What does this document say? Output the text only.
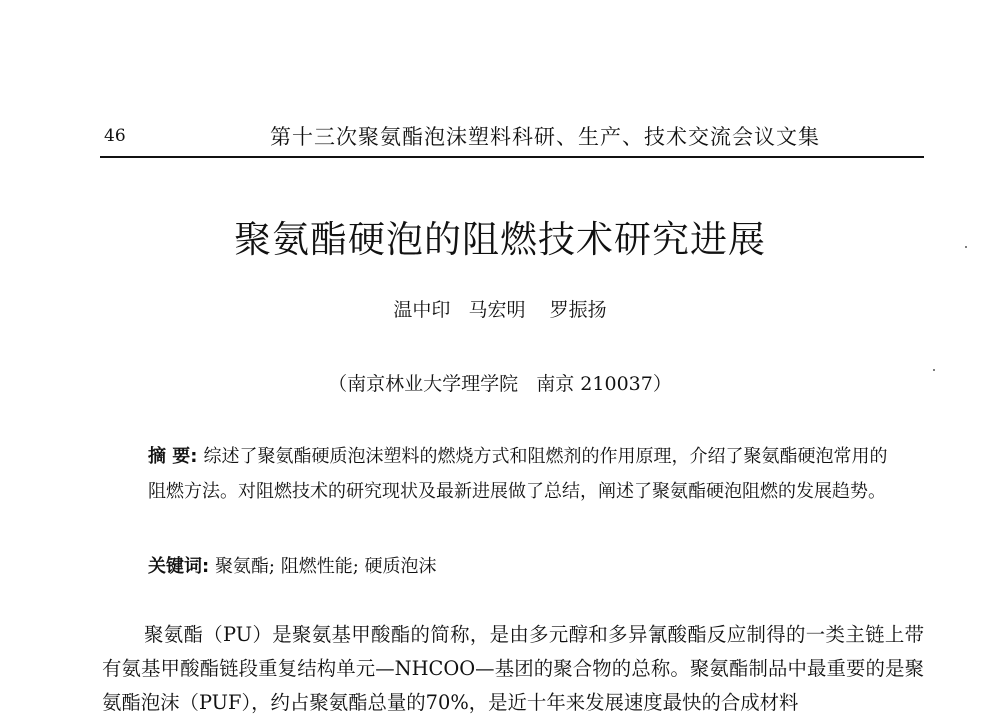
46	第十三次聚氨酯泡沫塑料科研、生产、技术交流会议文集
聚氨酯硬泡的阻燃技术研究进展
温中印   马宏明    罗振扬
（南京林业大学理学院   南京 210037）
摘 要: 综述了聚氨酯硬质泡沫塑料的燃烧方式和阻燃剂的作用原理，介绍了聚氨酯硬泡常用的阻燃方法。对阻燃技术的研究现状及最新进展做了总结，阐述了聚氨酯硬泡阻燃的发展趋势。
关键词: 聚氨酯; 阻燃性能; 硬质泡沫

聚氨酯（PU）是聚氨基甲酸酯的简称，是由多元醇和多异氰酸酯反应制得的一类主链上带有氨基甲酸酯链段重复结构单元—NHCOO—基团的聚合物的总称。聚氨酯制品中最重要的是聚氨酯泡沫（PUF），约占聚氨酯总量的70%，是近十年来发展速度最快的合成材料
